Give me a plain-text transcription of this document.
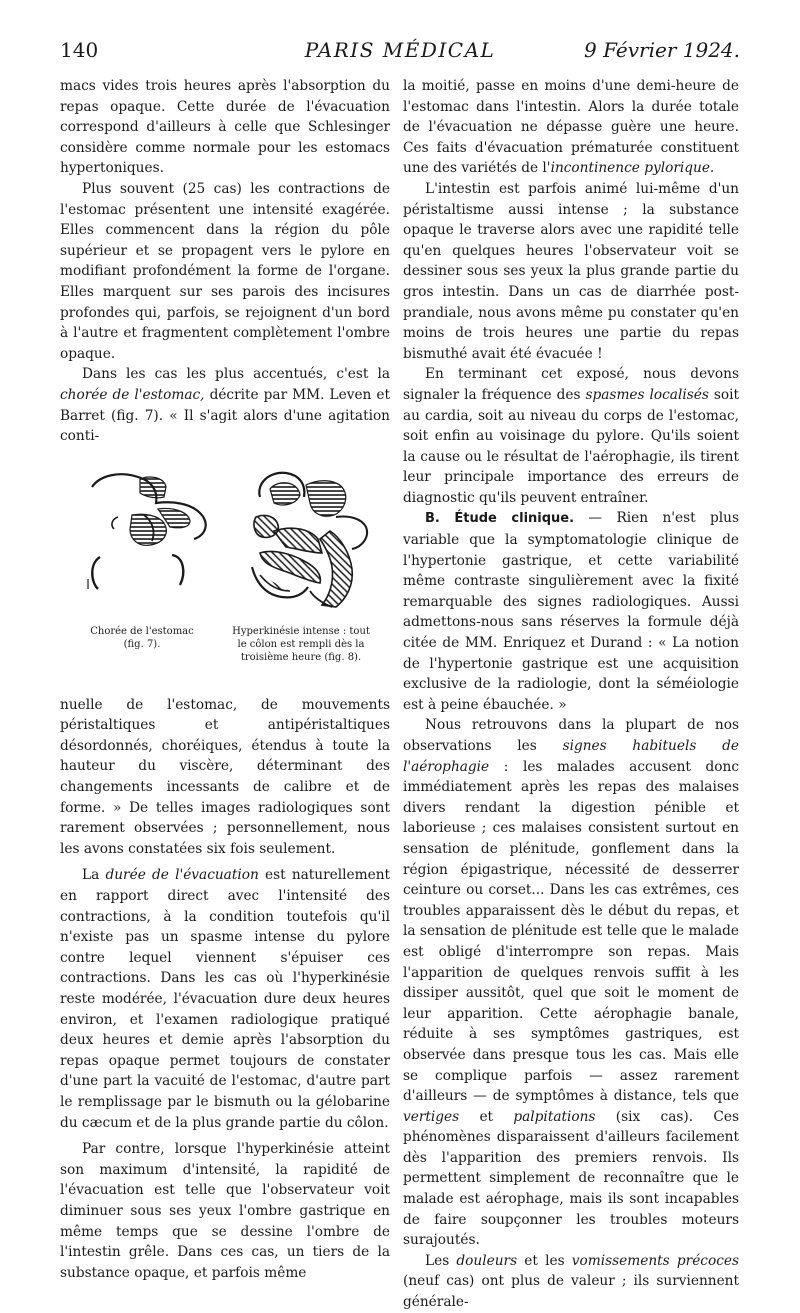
140	PARIS MÉDICAL	9 Février 1924.

macs vides trois heures après l'absorption du repas opaque. Cette durée de l'évacuation correspond d'ailleurs à celle que Schlesinger considère comme normale pour les estomacs hypertoniques.

Plus souvent (25 cas) les contractions de l'estomac présentent une intensité exagérée. Elles commencent dans la région du pôle supérieur et se propagent vers le pylore en modifiant profondément la forme de l'organe. Elles marquent sur ses parois des incisures profondes qui, parfois, se rejoignent d'un bord à l'autre et fragmentent complètement l'ombre opaque.

Dans les cas les plus accentués, c'est la chorée de l'estomac, décrite par MM. Leven et Barret (fig. 7). « Il s'agit alors d'une agitation conti-

Chorée de l'estomac (fig. 7).
Hyperkinésie intense : tout le côlon est rempli dès la troisième heure (fig. 8).

nuelle de l'estomac, de mouvements péristaltiques et antipéristaltiques désordonnés, choréiques, étendus à toute la hauteur du viscère, déterminant des changements incessants de calibre et de forme. » De telles images radiologiques sont rarement observées ; personnellement, nous les avons constatées six fois seulement.

La durée de l'évacuation est naturellement en rapport direct avec l'intensité des contractions, à la condition toutefois qu'il n'existe pas un spasme intense du pylore contre lequel viennent s'épuiser ces contractions. Dans les cas où l'hyperkinésie reste modérée, l'évacuation dure deux heures environ, et l'examen radiologique pratiqué deux heures et demie après l'absorption du repas opaque permet toujours de constater d'une part la vacuité de l'estomac, d'autre part le remplissage par le bismuth ou la gélobarine du cæcum et de la plus grande partie du côlon.

Par contre, lorsque l'hyperkinésie atteint son maximum d'intensité, la rapidité de l'évacuation est telle que l'observateur voit diminuer sous ses yeux l'ombre gastrique en même temps que se dessine l'ombre de l'intestin grêle. Dans ces cas, un tiers de la substance opaque, et parfois même

la moitié, passe en moins d'une demi-heure de l'estomac dans l'intestin. Alors la durée totale de l'évacuation ne dépasse guère une heure. Ces faits d'évacuation prématurée constituent une des variétés de l'incontinence pylorique.

L'intestin est parfois animé lui-même d'un péristaltisme aussi intense ; la substance opaque le traverse alors avec une rapidité telle qu'en quelques heures l'observateur voit se dessiner sous ses yeux la plus grande partie du gros intestin. Dans un cas de diarrhée post-prandiale, nous avons même pu constater qu'en moins de trois heures une partie du repas bismuthé avait été évacuée !

En terminant cet exposé, nous devons signaler la fréquence des spasmes localisés soit au cardia, soit au niveau du corps de l'estomac, soit enfin au voisinage du pylore. Qu'ils soient la cause ou le résultat de l'aérophagie, ils tirent leur principale importance des erreurs de diagnostic qu'ils peuvent entraîner.

B. Étude clinique. — Rien n'est plus variable que la symptomatologie clinique de l'hypertonie gastrique, et cette variabilité même contraste singulièrement avec la fixité remarquable des signes radiologiques. Aussi admettons-nous sans réserves la formule déjà citée de MM. Enriquez et Durand : « La notion de l'hypertonie gastrique est une acquisition exclusive de la radiologie, dont la séméiologie est à peine ébauchée. »

Nous retrouvons dans la plupart de nos observations les signes habituels de l'aérophagie : les malades accusent donc immédiatement après les repas des malaises divers rendant la digestion pénible et laborieuse ; ces malaises consistent surtout en sensation de plénitude, gonflement dans la région épigastrique, nécessité de desserrer ceinture ou corset... Dans les cas extrêmes, ces troubles apparaissent dès le début du repas, et la sensation de plénitude est telle que le malade est obligé d'interrompre son repas. Mais l'apparition de quelques renvois suffit à les dissiper aussitôt, quel que soit le moment de leur apparition. Cette aérophagie banale, réduite à ses symptômes gastriques, est observée dans presque tous les cas. Mais elle se complique parfois — assez rarement d'ailleurs — de symptômes à distance, tels que vertiges et palpitations (six cas). Ces phénomènes disparaissent d'ailleurs facilement dès l'apparition des premiers renvois. Ils permettent simplement de reconnaître que le malade est aérophage, mais ils sont incapables de faire soupçonner les troubles moteurs surajoutés.

Les douleurs et les vomissements précoces (neuf cas) ont plus de valeur ; ils surviennent générale-
